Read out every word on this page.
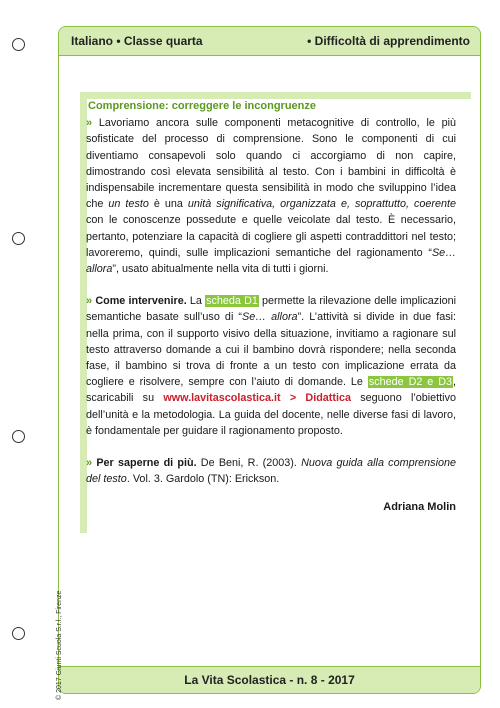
Italiano • Classe quarta	• Difficoltà di apprendimento
La Vita Scolastica - n. 8 - 2017
Comprensione: correggere le incongruenze

» Lavoriamo ancora sulle componenti metacognitive di controllo, le più sofisticate del processo di comprensione. Sono le componenti di cui diventiamo consapevoli solo quando ci accorgiamo di non capire, dimostrando così elevata sensibilità al testo. Con i bambini in difficoltà è indispensabile incrementare questa sensibilità in modo che sviluppino l’idea che un testo è una unità significativa, organizzata e, soprattutto, coerente con le conoscenze possedute e quelle veicolate dal testo. È necessario, pertanto, potenziare la capacità di cogliere gli aspetti contraddittori nel testo; lavoreremo, quindi, sulle implicazioni semantiche del ragionamento “Se… allora”, usato abitualmente nella vita di tutti i giorni.

» Come intervenire. La scheda D1 permette la rilevazione delle implicazioni semantiche basate sull’uso di “Se… allora”. L’attività si divide in due fasi: nella prima, con il supporto visivo della situazione, invitiamo a ragionare sul testo attraverso domande a cui il bambino dovrà rispondere; nella seconda fase, il bambino si trova di fronte a un testo con implicazione errata da cogliere e risolvere, sempre con l’aiuto di domande. Le schede D2 e D3, scaricabili su www.lavitascolastica.it > Didattica seguono l’obiettivo dell’unità e la metodologia. La guida del docente, nelle diverse fasi di lavoro, è fondamentale per guidare il ragionamento proposto.

» Per saperne di più. De Beni, R. (2003). Nuova guida alla comprensione del testo. Vol. 3. Gardolo (TN): Erickson.

Adriana Molin
© 2017 Giunti Scuola S.r.l., Firenze
